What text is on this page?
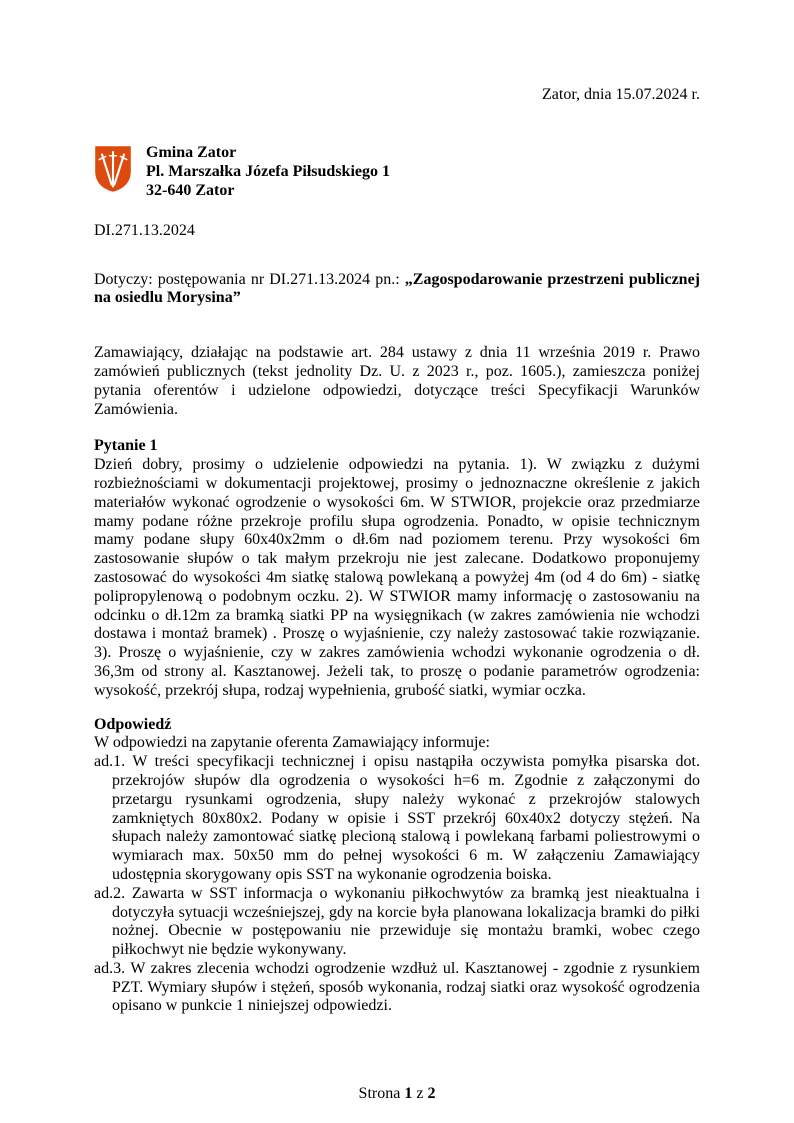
Zator, dnia 15.07.2024 r.

Gmina Zator
Pl. Marszałka Józefa Piłsudskiego 1
32-640 Zator

DI.271.13.2024

Dotyczy: postępowania nr DI.271.13.2024 pn.: „Zagospodarowanie przestrzeni publicznej na osiedlu Morysina”

Zamawiający, działając na podstawie art. 284 ustawy z dnia 11 września 2019 r. Prawo zamówień publicznych (tekst jednolity Dz. U. z 2023 r., poz. 1605.), zamieszcza poniżej pytania oferentów i udzielone odpowiedzi, dotyczące treści Specyfikacji Warunków Zamówienia.

Pytanie 1

Dzień dobry, prosimy o udzielenie odpowiedzi na pytania. 1). W związku z dużymi rozbieżnościami w dokumentacji projektowej, prosimy o jednoznaczne określenie z jakich materiałów wykonać ogrodzenie o wysokości 6m. W STWIOR, projekcie oraz przedmiarze mamy podane różne przekroje profilu słupa ogrodzenia. Ponadto, w opisie technicznym mamy podane słupy 60x40x2mm o dł.6m nad poziomem terenu. Przy wysokości 6m zastosowanie słupów o tak małym przekroju nie jest zalecane. Dodatkowo proponujemy zastosować do wysokości 4m siatkę stalową powlekaną a powyżej 4m (od 4 do 6m) - siatkę polipropylenową o podobnym oczku. 2). W STWIOR mamy informację o zastosowaniu na odcinku o dł.12m za bramką siatki PP na wysięgnikach (w zakres zamówienia nie wchodzi dostawa i montaż bramek) . Proszę o wyjaśnienie, czy należy zastosować takie rozwiązanie. 3). Proszę o wyjaśnienie, czy w zakres zamówienia wchodzi wykonanie ogrodzenia o dł. 36,3m od strony al. Kasztanowej. Jeżeli tak, to proszę o podanie parametrów ogrodzenia: wysokość, przekrój słupa, rodzaj wypełnienia, grubość siatki, wymiar oczka.

Odpowiedź

W odpowiedzi na zapytanie oferenta Zamawiający informuje:

ad.1. W treści specyfikacji technicznej i opisu nastąpiła oczywista pomyłka pisarska dot. przekrojów słupów dla ogrodzenia o wysokości h=6 m. Zgodnie z załączonymi do przetargu rysunkami ogrodzenia, słupy należy wykonać z przekrojów stalowych zamkniętych 80x80x2. Podany w opisie i SST przekrój 60x40x2 dotyczy stężeń. Na słupach należy zamontować siatkę plecioną stalową i powlekaną farbami poliestrowymi o wymiarach max. 50x50 mm do pełnej wysokości 6 m. W załączeniu Zamawiający udostępnia skorygowany opis SST na wykonanie ogrodzenia boiska.

ad.2. Zawarta w SST informacja o wykonaniu piłkochwytów za bramką jest nieaktualna i dotyczyła sytuacji wcześniejszej, gdy na korcie była planowana lokalizacja bramki do piłki nożnej. Obecnie w postępowaniu nie przewiduje się montażu bramki, wobec czego piłkochwyt nie będzie wykonywany.

ad.3. W zakres zlecenia wchodzi ogrodzenie wzdłuż ul. Kasztanowej - zgodnie z rysunkiem PZT. Wymiary słupów i stężeń, sposób wykonania, rodzaj siatki oraz wysokość ogrodzenia opisano w punkcie 1 niniejszej odpowiedzi.

Strona 1 z 2
